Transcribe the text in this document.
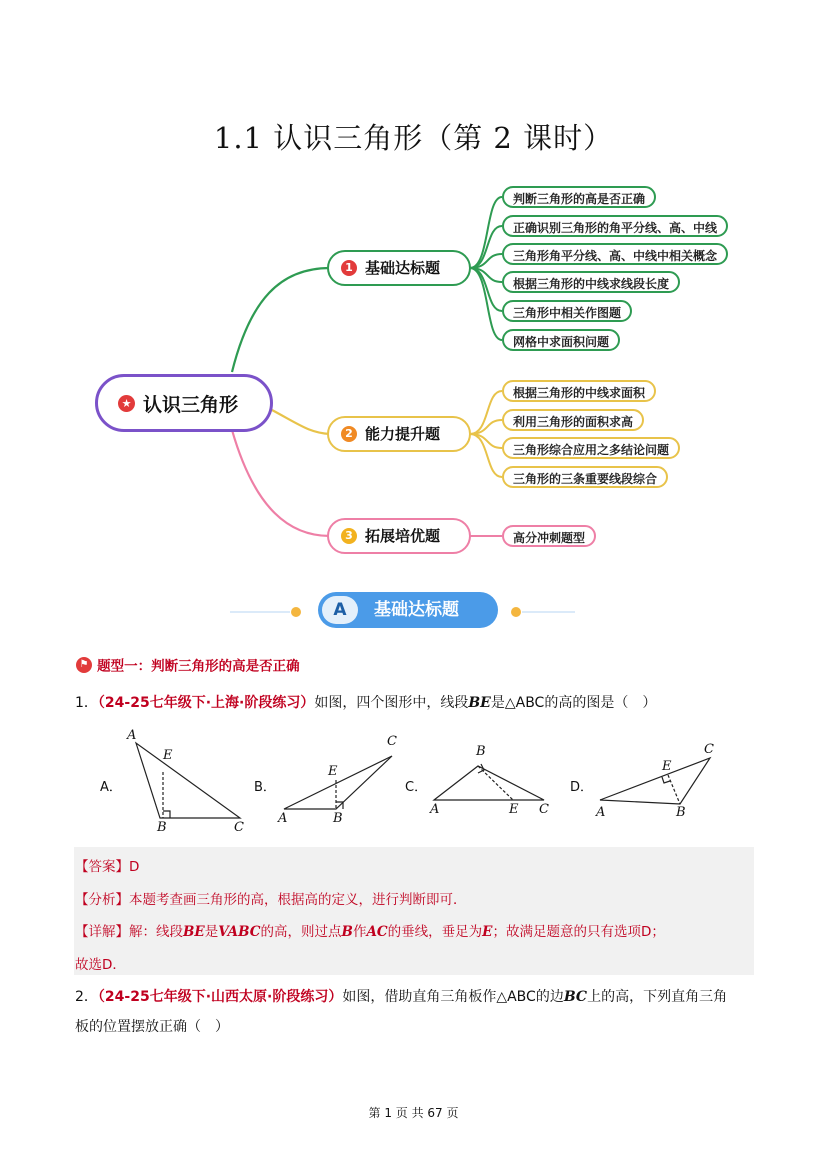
1.1 认识三角形（第 2 课时）
★ 认识三角形
1 基础达标题
2 能力提升题
3 拓展培优题
判断三角形的高是否正确
正确识别三角形的角平分线、高、中线
三角形角平分线、高、中线中相关概念
根据三角形的中线求线段长度
三角形中相关作图题
网格中求面积问题
根据三角形的中线求面积
利用三角形的面积求高
三角形综合应用之多结论问题
三角形的三条重要线段综合
高分冲刺题型
A	基础达标题
⚑ 题型一：判断三角形的高是否正确
1．（24-25七年级下·上海·阶段练习）如图，四个图形中，线段BE是△ABC的高的图是（　）
A．	B．	C．	D．
A
E
B	C
C
E
A	B
B
A	E C
C
E
A	B
【答案】D
【分析】本题考查画三角形的高，根据高的定义，进行判断即可．
【详解】解：线段BE是VABC的高，则过点B作AC的垂线，垂足为E；故满足题意的只有选项D；
故选D．
2．（24-25七年级下·山西太原·阶段练习）如图，借助直角三角板作△ABC的边BC上的高，下列直角三角
板的位置摆放正确（　）
第 1 页 共 67 页
